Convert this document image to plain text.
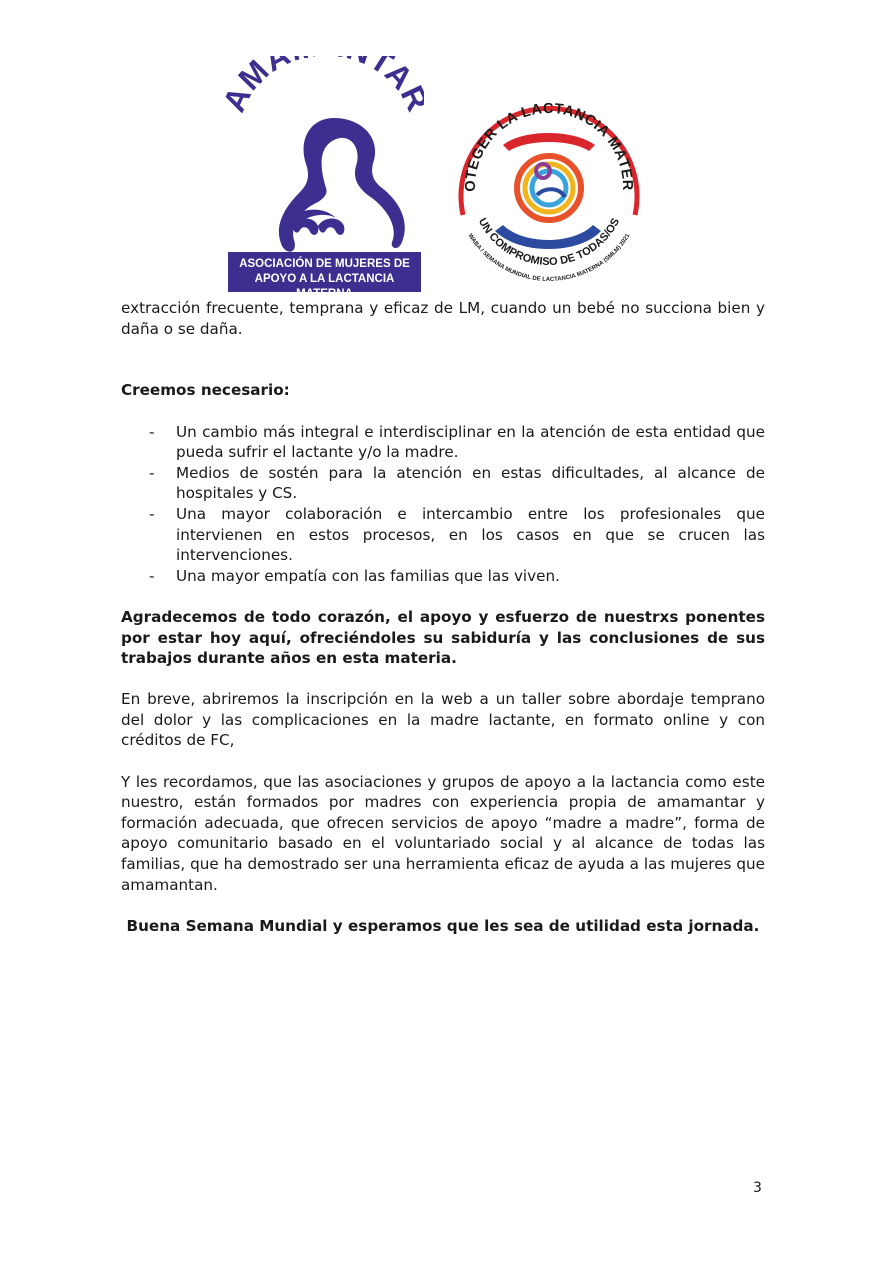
MA TA
ASOCIACIÓN DE MUJERES DE
APOYO A LA LACTANCIA MATERNA
OTEGER LA LACTANCIA MATER
UN COMPROMISO DE TODAS/OS
WABA / SEMANA MUNDIAL DE LACTANCIA MATERNA (SMLM) 2021

extracción frecuente, temprana y eficaz de LM, cuando un bebé no succiona bien y daña o se daña.

Creemos necesario:

- Un cambio más integral e interdisciplinar en la atención de esta entidad que pueda sufrir el lactante y/o la madre.
- Medios de sostén para la atención en estas dificultades, al alcance de hospitales y CS.
- Una mayor colaboración e intercambio entre los profesionales que intervienen en estos procesos, en los casos en que se crucen las intervenciones.
- Una mayor empatía con las familias que las viven.

Agradecemos de todo corazón, el apoyo y esfuerzo de nuestrxs ponentes por estar hoy aquí, ofreciéndoles su sabiduría y las conclusiones de sus trabajos durante años en esta materia.

En breve, abriremos la inscripción en la web a un taller sobre abordaje temprano del dolor y las complicaciones en la madre lactante, en formato online y con créditos de FC,

Y les recordamos, que las asociaciones y grupos de apoyo a la lactancia como este nuestro, están formados por madres con experiencia propia de amamantar y formación adecuada, que ofrecen servicios de apoyo “madre a madre”, forma de apoyo comunitario basado en el voluntariado social y al alcance de todas las familias, que ha demostrado ser una herramienta eficaz de ayuda a las mujeres que amamantan.

Buena Semana Mundial y esperamos que les sea de utilidad esta jornada.

3
